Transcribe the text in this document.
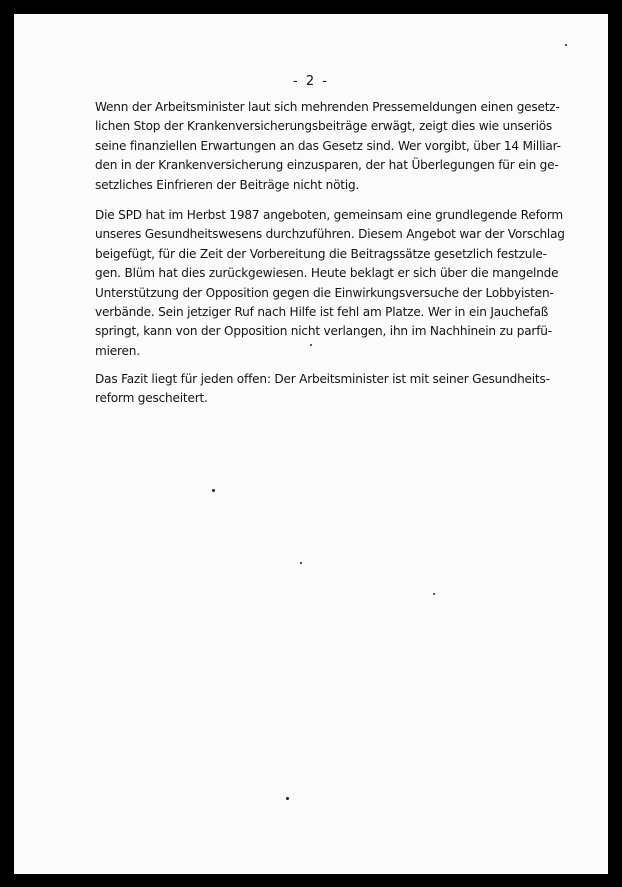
- 2 -

Wenn der Arbeitsminister laut sich mehrenden Pressemeldungen einen gesetz-
lichen Stop der Krankenversicherungsbeiträge erwägt, zeigt dies wie unseriös
seine finanziellen Erwartungen an das Gesetz sind. Wer vorgibt, über 14 Milliar-
den in der Krankenversicherung einzusparen, der hat Überlegungen für ein ge-
setzliches Einfrieren der Beiträge nicht nötig.

Die SPD hat im Herbst 1987 angeboten, gemeinsam eine grundlegende Reform
unseres Gesundheitswesens durchzuführen. Diesem Angebot war der Vorschlag
beigefügt, für die Zeit der Vorbereitung die Beitragssätze gesetzlich festzule-
gen. Blüm hat dies zurückgewiesen. Heute beklagt er sich über die mangelnde
Unterstützung der Opposition gegen die Einwirkungsversuche der Lobbyisten-
verbände. Sein jetziger Ruf nach Hilfe ist fehl am Platze. Wer in ein Jauchefaß
springt, kann von der Opposition nicht verlangen, ihn im Nachhinein zu parfü-
mieren.

Das Fazit liegt für jeden offen: Der Arbeitsminister ist mit seiner Gesundheits-
reform gescheitert.
